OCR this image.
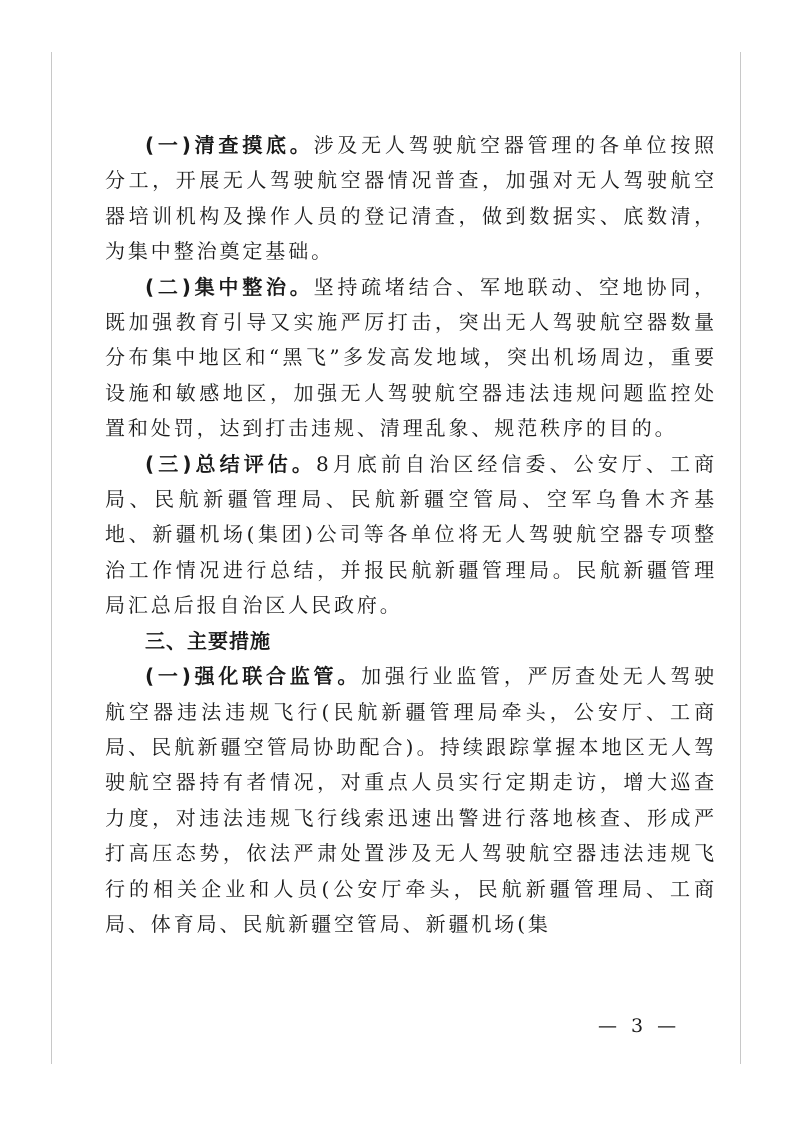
(一)清查摸底。涉及无人驾驶航空器管理的各单位按照分工，开展无人驾驶航空器情况普查，加强对无人驾驶航空器培训机构及操作人员的登记清查，做到数据实、底数清，为集中整治奠定基础。

(二)集中整治。坚持疏堵结合、军地联动、空地协同，既加强教育引导又实施严厉打击，突出无人驾驶航空器数量分布集中地区和“黑飞”多发高发地域，突出机场周边，重要设施和敏感地区，加强无人驾驶航空器违法违规问题监控处置和处罚，达到打击违规、清理乱象、规范秩序的目的。

(三)总结评估。8月底前自治区经信委、公安厅、工商局、民航新疆管理局、民航新疆空管局、空军乌鲁木齐基地、新疆机场(集团)公司等各单位将无人驾驶航空器专项整治工作情况进行总结，并报民航新疆管理局。民航新疆管理局汇总后报自治区人民政府。

三、主要措施

(一)强化联合监管。加强行业监管，严厉查处无人驾驶航空器违法违规飞行(民航新疆管理局牵头，公安厅、工商局、民航新疆空管局协助配合)。持续跟踪掌握本地区无人驾驶航空器持有者情况，对重点人员实行定期走访，增大巡查力度，对违法违规飞行线索迅速出警进行落地核查、形成严打高压态势，依法严肃处置涉及无人驾驶航空器违法违规飞行的相关企业和人员(公安厅牵头，民航新疆管理局、工商局、体育局、民航新疆空管局、新疆机场(集

— 3 —
